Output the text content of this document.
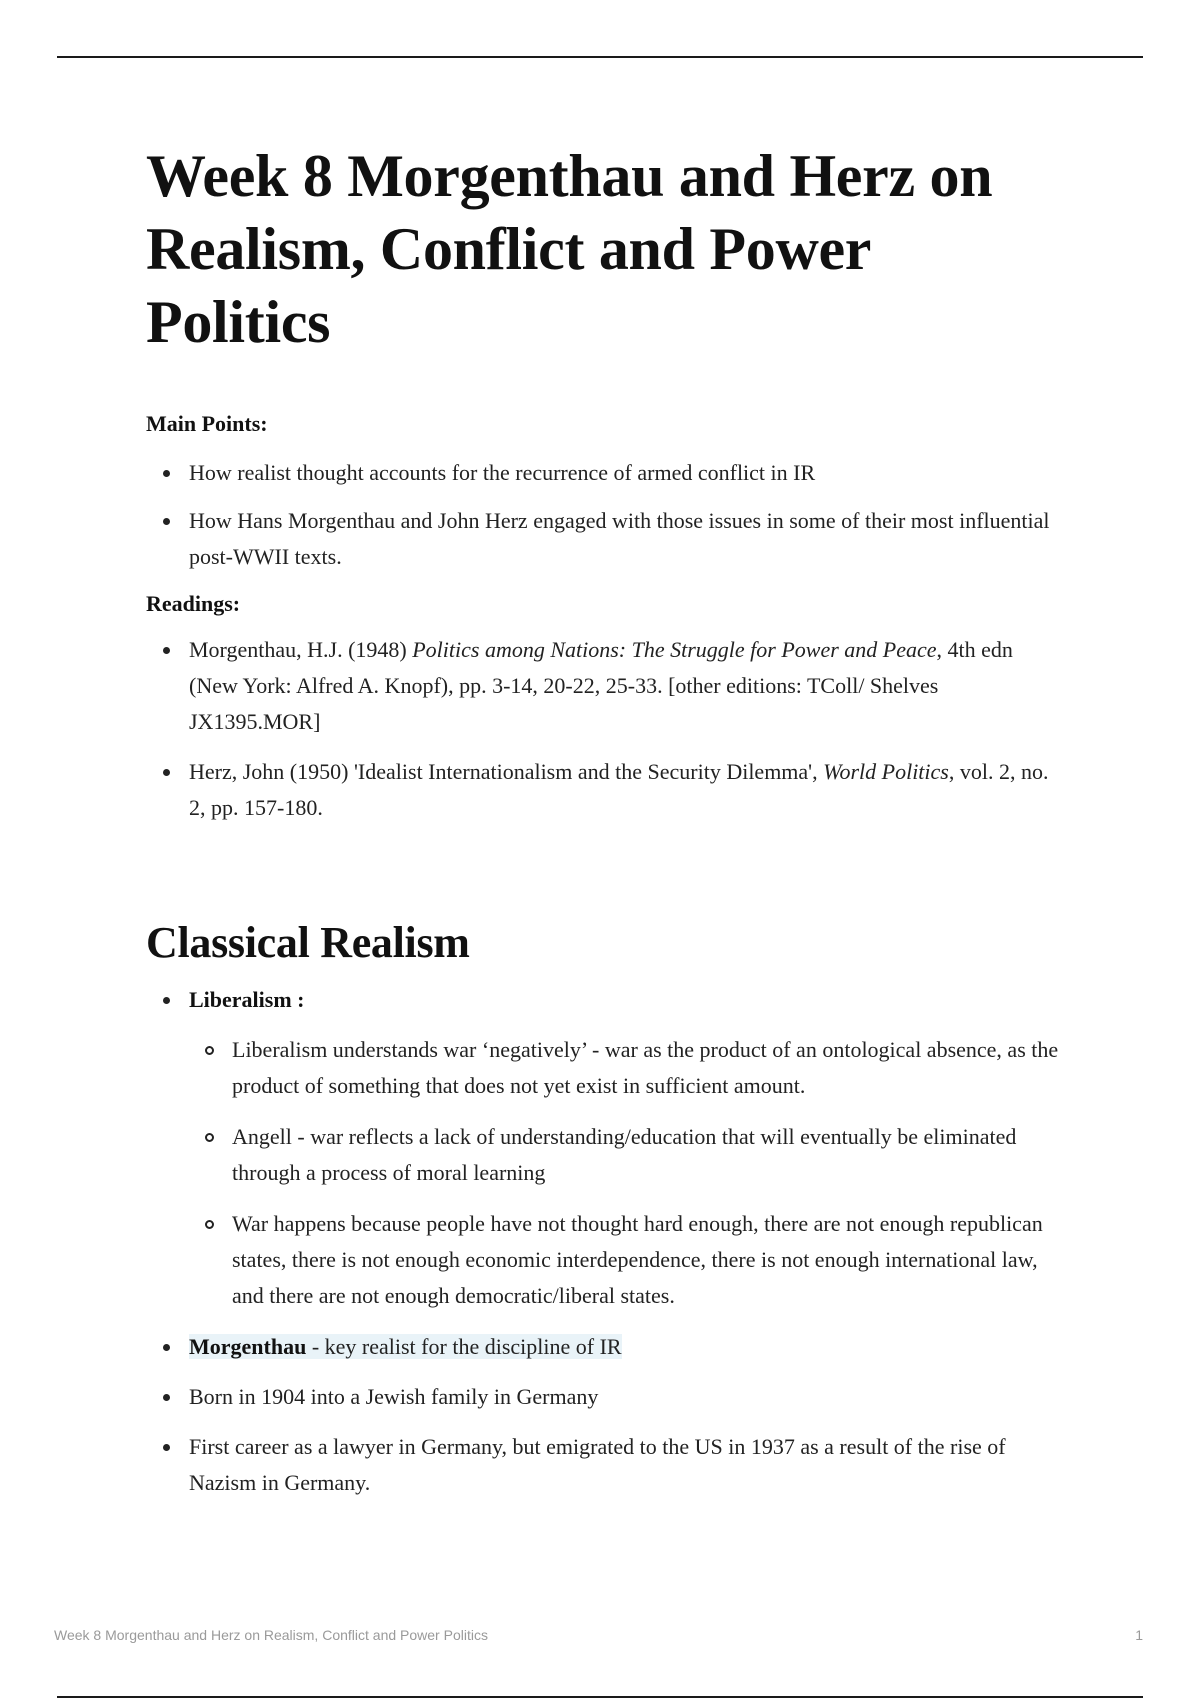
Week 8 Morgenthau and Herz on Realism, Conflict and Power Politics
Main Points:
How realist thought accounts for the recurrence of armed conflict in IR
How Hans Morgenthau and John Herz engaged with those issues in some of their most influential post-WWII texts.
Readings:
Morgenthau, H.J. (1948) Politics among Nations: The Struggle for Power and Peace, 4th edn (New York: Alfred A. Knopf), pp. 3-14, 20-22, 25-33. [other editions: TColl/ Shelves JX1395.MOR]
Herz, John (1950) 'Idealist Internationalism and the Security Dilemma', World Politics, vol. 2, no. 2, pp. 157-180.
Classical Realism
Liberalism :
Liberalism understands war ‘negatively’ - war as the product of an ontological absence, as the product of something that does not yet exist in sufficient amount.
Angell - war reflects a lack of understanding/education that will eventually be eliminated through a process of moral learning
War happens because people have not thought hard enough, there are not enough republican states, there is not enough economic interdependence, there is not enough international law, and there are not enough democratic/liberal states.
Morgenthau - key realist for the discipline of IR
Born in 1904 into a Jewish family in Germany
First career as a lawyer in Germany, but emigrated to the US in 1937 as a result of the rise of Nazism in Germany.
Week 8 Morgenthau and Herz on Realism, Conflict and Power Politics	1
